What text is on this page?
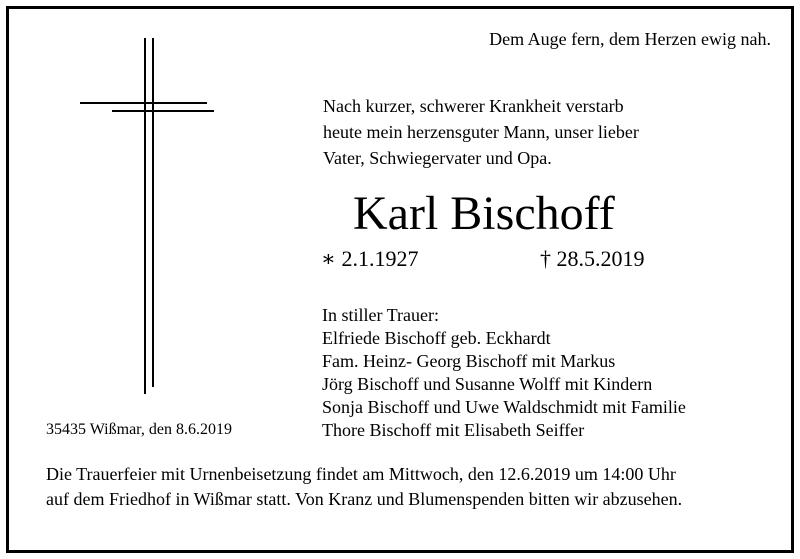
Dem Auge fern, dem Herzen ewig nah.
Nach kurzer, schwerer Krankheit verstarb
heute mein herzensguter Mann, unser lieber
Vater, Schwiegervater und Opa.
Karl Bischoff
∗ 2.1.1927	† 28.5.2019
In stiller Trauer:
Elfriede Bischoff geb. Eckhardt
Fam. Heinz- Georg Bischoff mit Markus
Jörg Bischoff und Susanne Wolff mit Kindern
Sonja Bischoff und Uwe Waldschmidt mit Familie
Thore Bischoff mit Elisabeth Seiffer
35435 Wißmar, den 8.6.2019
Die Trauerfeier mit Urnenbeisetzung findet am Mittwoch, den 12.6.2019 um 14:00 Uhr
auf dem Friedhof in Wißmar statt. Von Kranz und Blumenspenden bitten wir abzusehen.
